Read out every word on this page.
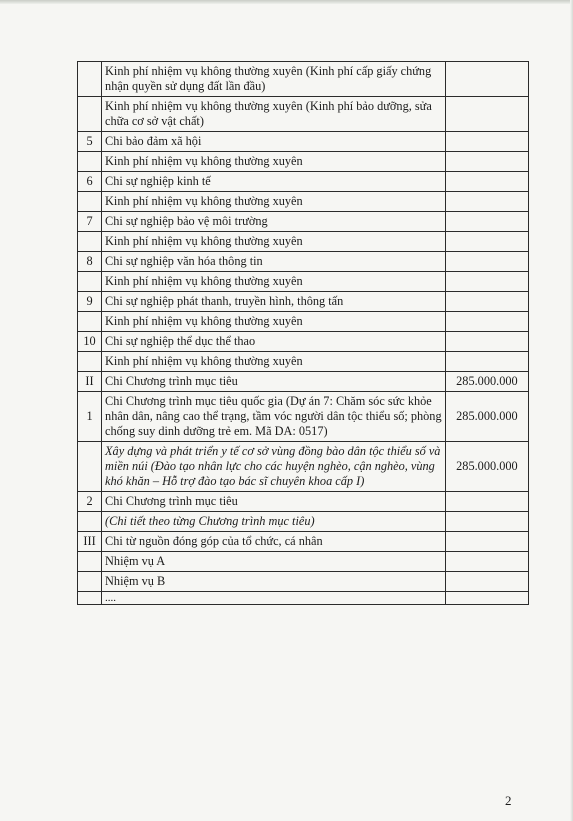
	Kinh phí nhiệm vụ không thường xuyên (Kinh phí cấp giấy chứng nhận quyền sử dụng đất lần đầu)	
	Kinh phí nhiệm vụ không thường xuyên (Kinh phí bảo dưỡng, sửa chữa cơ sở vật chất)	
5	Chi bảo đảm xã hội	
	Kinh phí nhiệm vụ không thường xuyên	
6	Chi sự nghiệp kinh tế	
	Kinh phí nhiệm vụ không thường xuyên	
7	Chi sự nghiệp bảo vệ môi trường	
	Kinh phí nhiệm vụ không thường xuyên	
8	Chi sự nghiệp văn hóa thông tin	
	Kinh phí nhiệm vụ không thường xuyên	
9	Chi sự nghiệp phát thanh, truyền hình, thông tấn	
	Kinh phí nhiệm vụ không thường xuyên	
10	Chi sự nghiệp thể dục thể thao	
	Kinh phí nhiệm vụ không thường xuyên	
II	Chi Chương trình mục tiêu	285.000.000
1	Chi Chương trình mục tiêu quốc gia (Dự án 7: Chăm sóc sức khỏe nhân dân, nâng cao thể trạng, tầm vóc người dân tộc thiểu số; phòng chống suy dinh dưỡng trẻ em. Mã DA: 0517)	285.000.000
	Xây dựng và phát triển y tế cơ sở vùng đồng bào dân tộc thiểu số và miền núi (Đào tạo nhân lực cho các huyện nghèo, cận nghèo, vùng khó khăn – Hỗ trợ đào tạo bác sĩ chuyên khoa cấp I)	285.000.000
2	Chi Chương trình mục tiêu	
	(Chi tiết theo từng Chương trình mục tiêu)	
III	Chi từ nguồn đóng góp của tổ chức, cá nhân	
	Nhiệm vụ A	
	Nhiệm vụ B	
	....	
2
